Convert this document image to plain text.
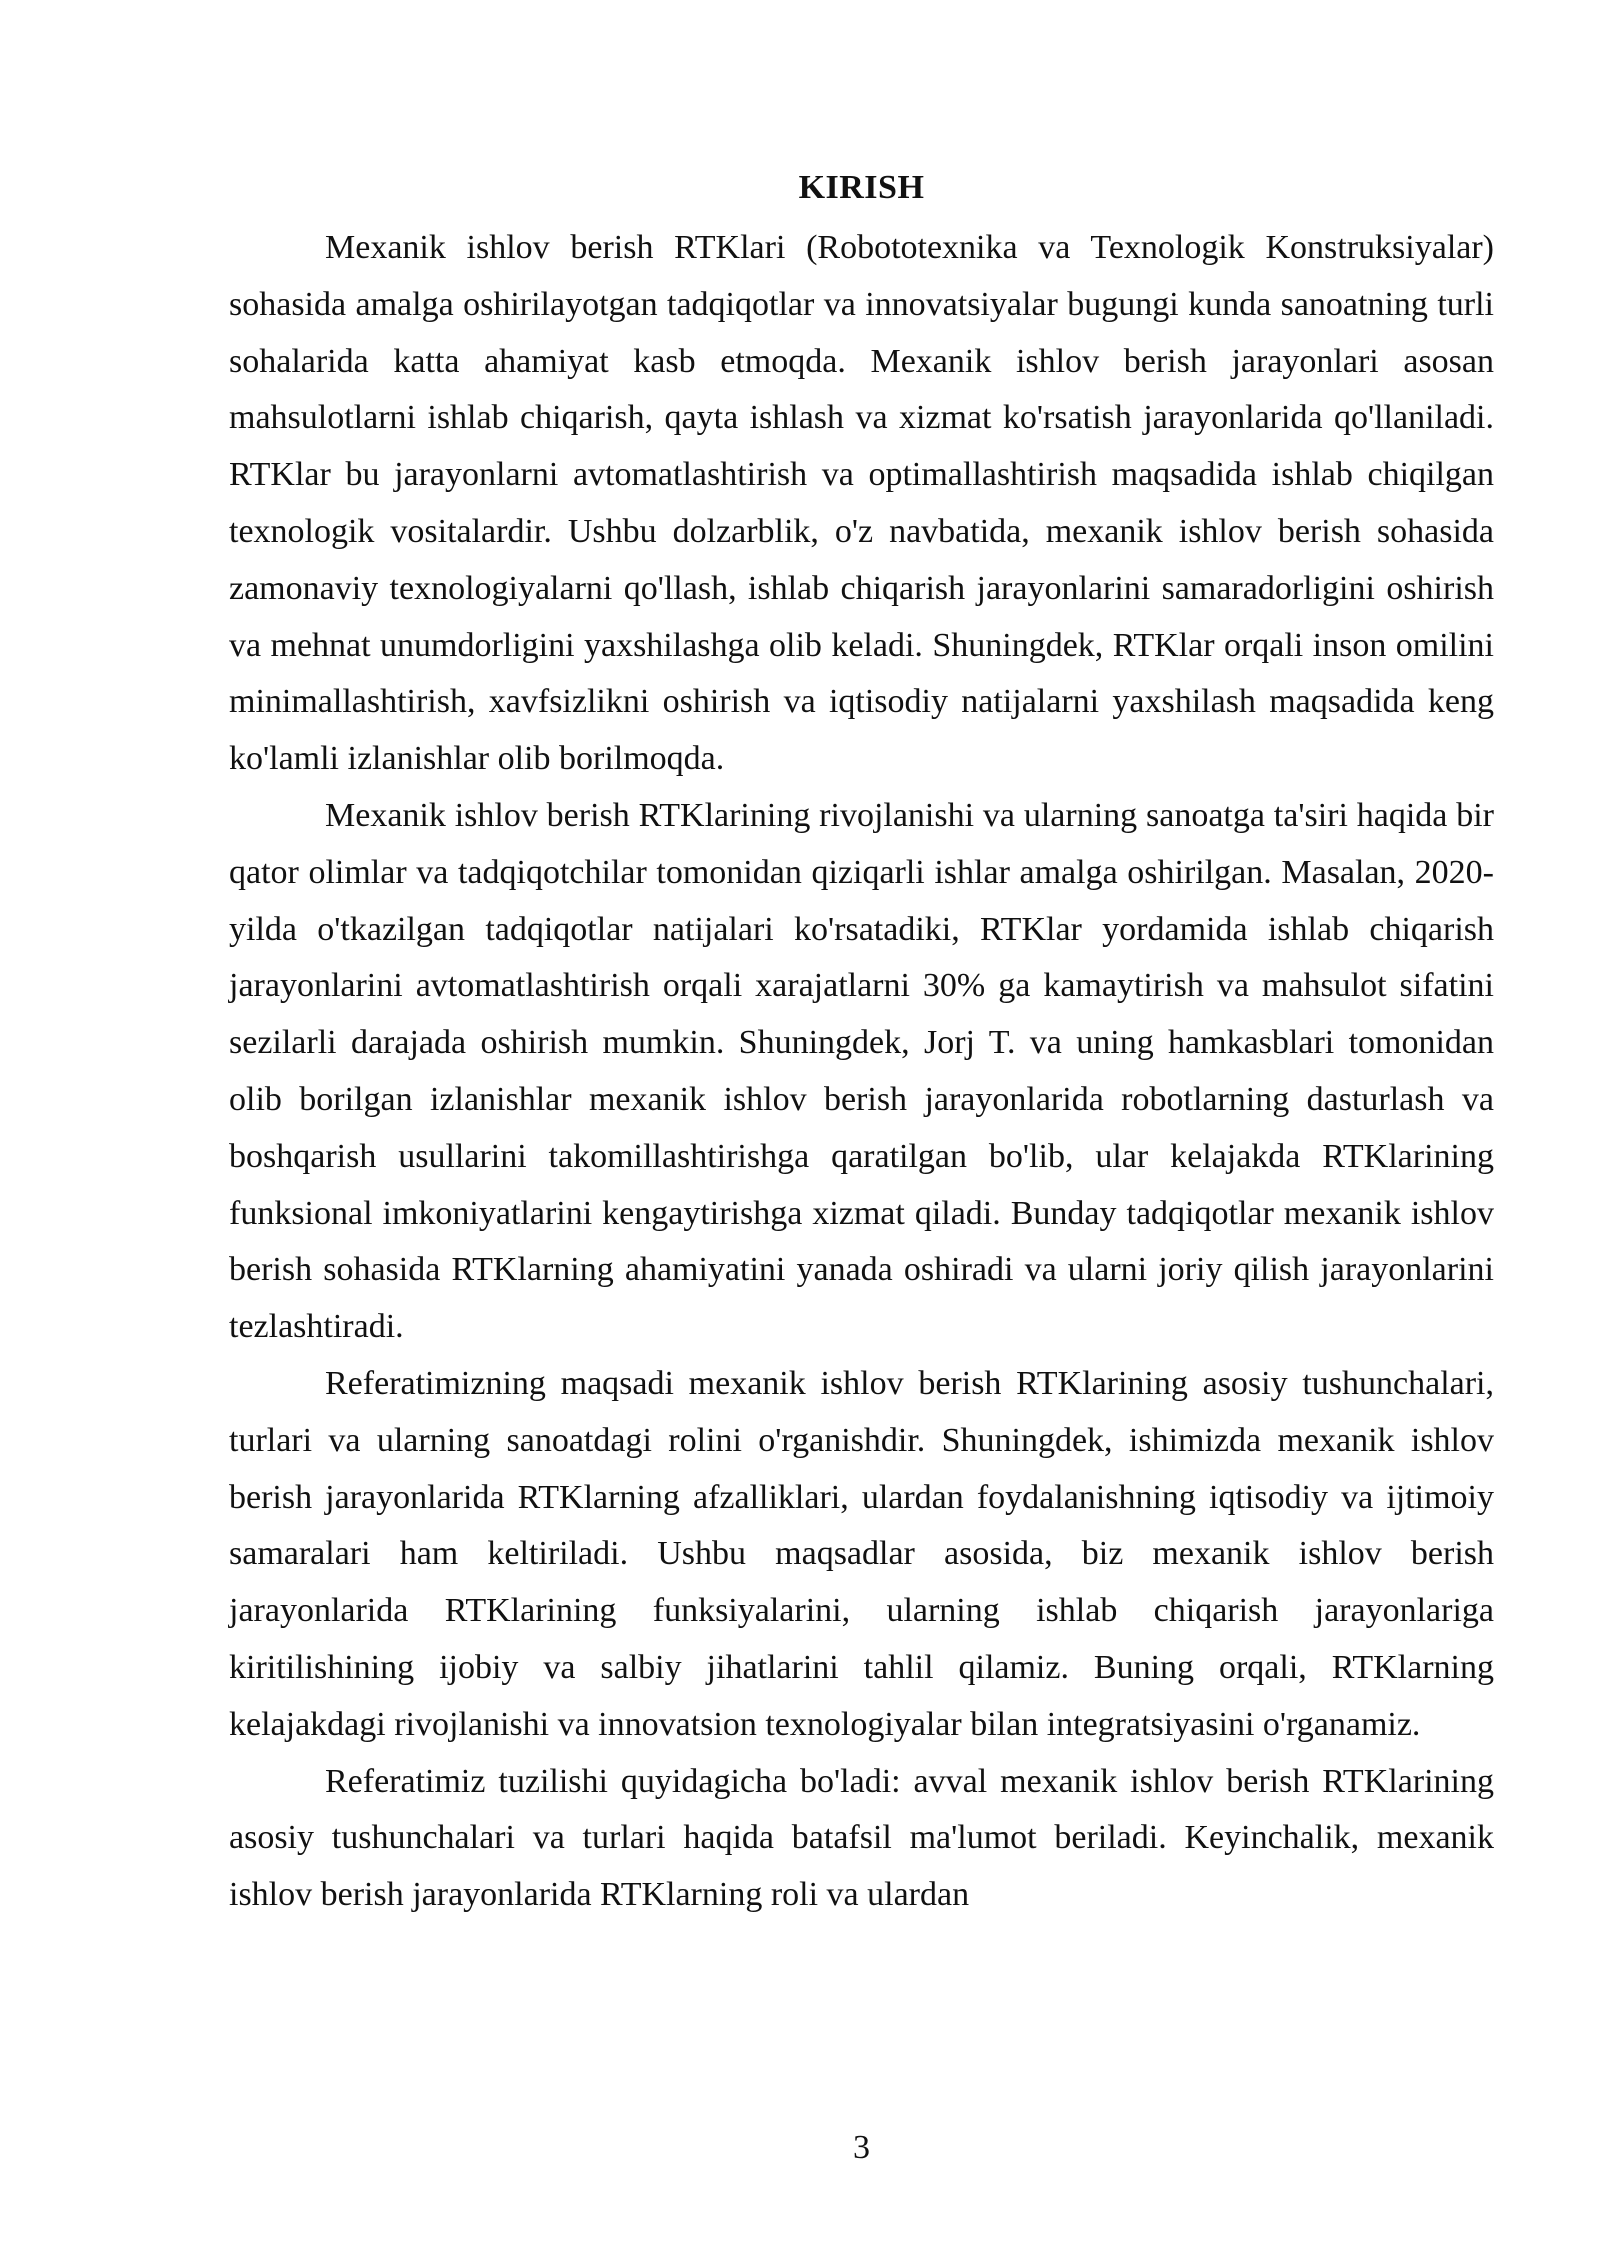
KIRISH

Mexanik ishlov berish RTKlari (Robototexnika va Texnologik Konstruksiyalar) sohasida amalga oshirilayotgan tadqiqotlar va innovatsiyalar bugungi kunda sanoatning turli sohalarida katta ahamiyat kasb etmoqda. Mexanik ishlov berish jarayonlari asosan mahsulotlarni ishlab chiqarish, qayta ishlash va xizmat ko'rsatish jarayonlarida qo'llaniladi. RTKlar bu jarayonlarni avtomatlashtirish va optimallashtirish maqsadida ishlab chiqilgan texnologik vositalardir. Ushbu dolzarblik, o'z navbatida, mexanik ishlov berish sohasida zamonaviy texnologiyalarni qo'llash, ishlab chiqarish jarayonlarini samaradorligini oshirish va mehnat unumdorligini yaxshilashga olib keladi. Shuningdek, RTKlar orqali inson omilini minimallashtirish, xavfsizlikni oshirish va iqtisodiy natijalarni yaxshilash maqsadida keng ko'lamli izlanishlar olib borilmoqda.

Mexanik ishlov berish RTKlarining rivojlanishi va ularning sanoatga ta'siri haqida bir qator olimlar va tadqiqotchilar tomonidan qiziqarli ishlar amalga oshirilgan. Masalan, 2020-yilda o'tkazilgan tadqiqotlar natijalari ko'rsatadiki, RTKlar yordamida ishlab chiqarish jarayonlarini avtomatlashtirish orqali xarajatlarni 30% ga kamaytirish va mahsulot sifatini sezilarli darajada oshirish mumkin. Shuningdek, Jorj T. va uning hamkasblari tomonidan olib borilgan izlanishlar mexanik ishlov berish jarayonlarida robotlarning dasturlash va boshqarish usullarini takomillashtirishga qaratilgan bo'lib, ular kelajakda RTKlarining funksional imkoniyatlarini kengaytirishga xizmat qiladi. Bunday tadqiqotlar mexanik ishlov berish sohasida RTKlarning ahamiyatini yanada oshiradi va ularni joriy qilish jarayonlarini tezlashtiradi.

Referatimizning maqsadi mexanik ishlov berish RTKlarining asosiy tushunchalari, turlari va ularning sanoatdagi rolini o'rganishdir. Shuningdek, ishimizda mexanik ishlov berish jarayonlarida RTKlarning afzalliklari, ulardan foydalanishning iqtisodiy va ijtimoiy samaralari ham keltiriladi. Ushbu maqsadlar asosida, biz mexanik ishlov berish jarayonlarida RTKlarining funksiyalarini, ularning ishlab chiqarish jarayonlariga kiritilishining ijobiy va salbiy jihatlarini tahlil qilamiz. Buning orqali, RTKlarning kelajakdagi rivojlanishi va innovatsion texnologiyalar bilan integratsiyasini o'rganamiz.

Referatimiz tuzilishi quyidagicha bo'ladi: avval mexanik ishlov berish RTKlarining asosiy tushunchalari va turlari haqida batafsil ma'lumot beriladi. Keyinchalik, mexanik ishlov berish jarayonlarida RTKlarning roli va ulardan

3
